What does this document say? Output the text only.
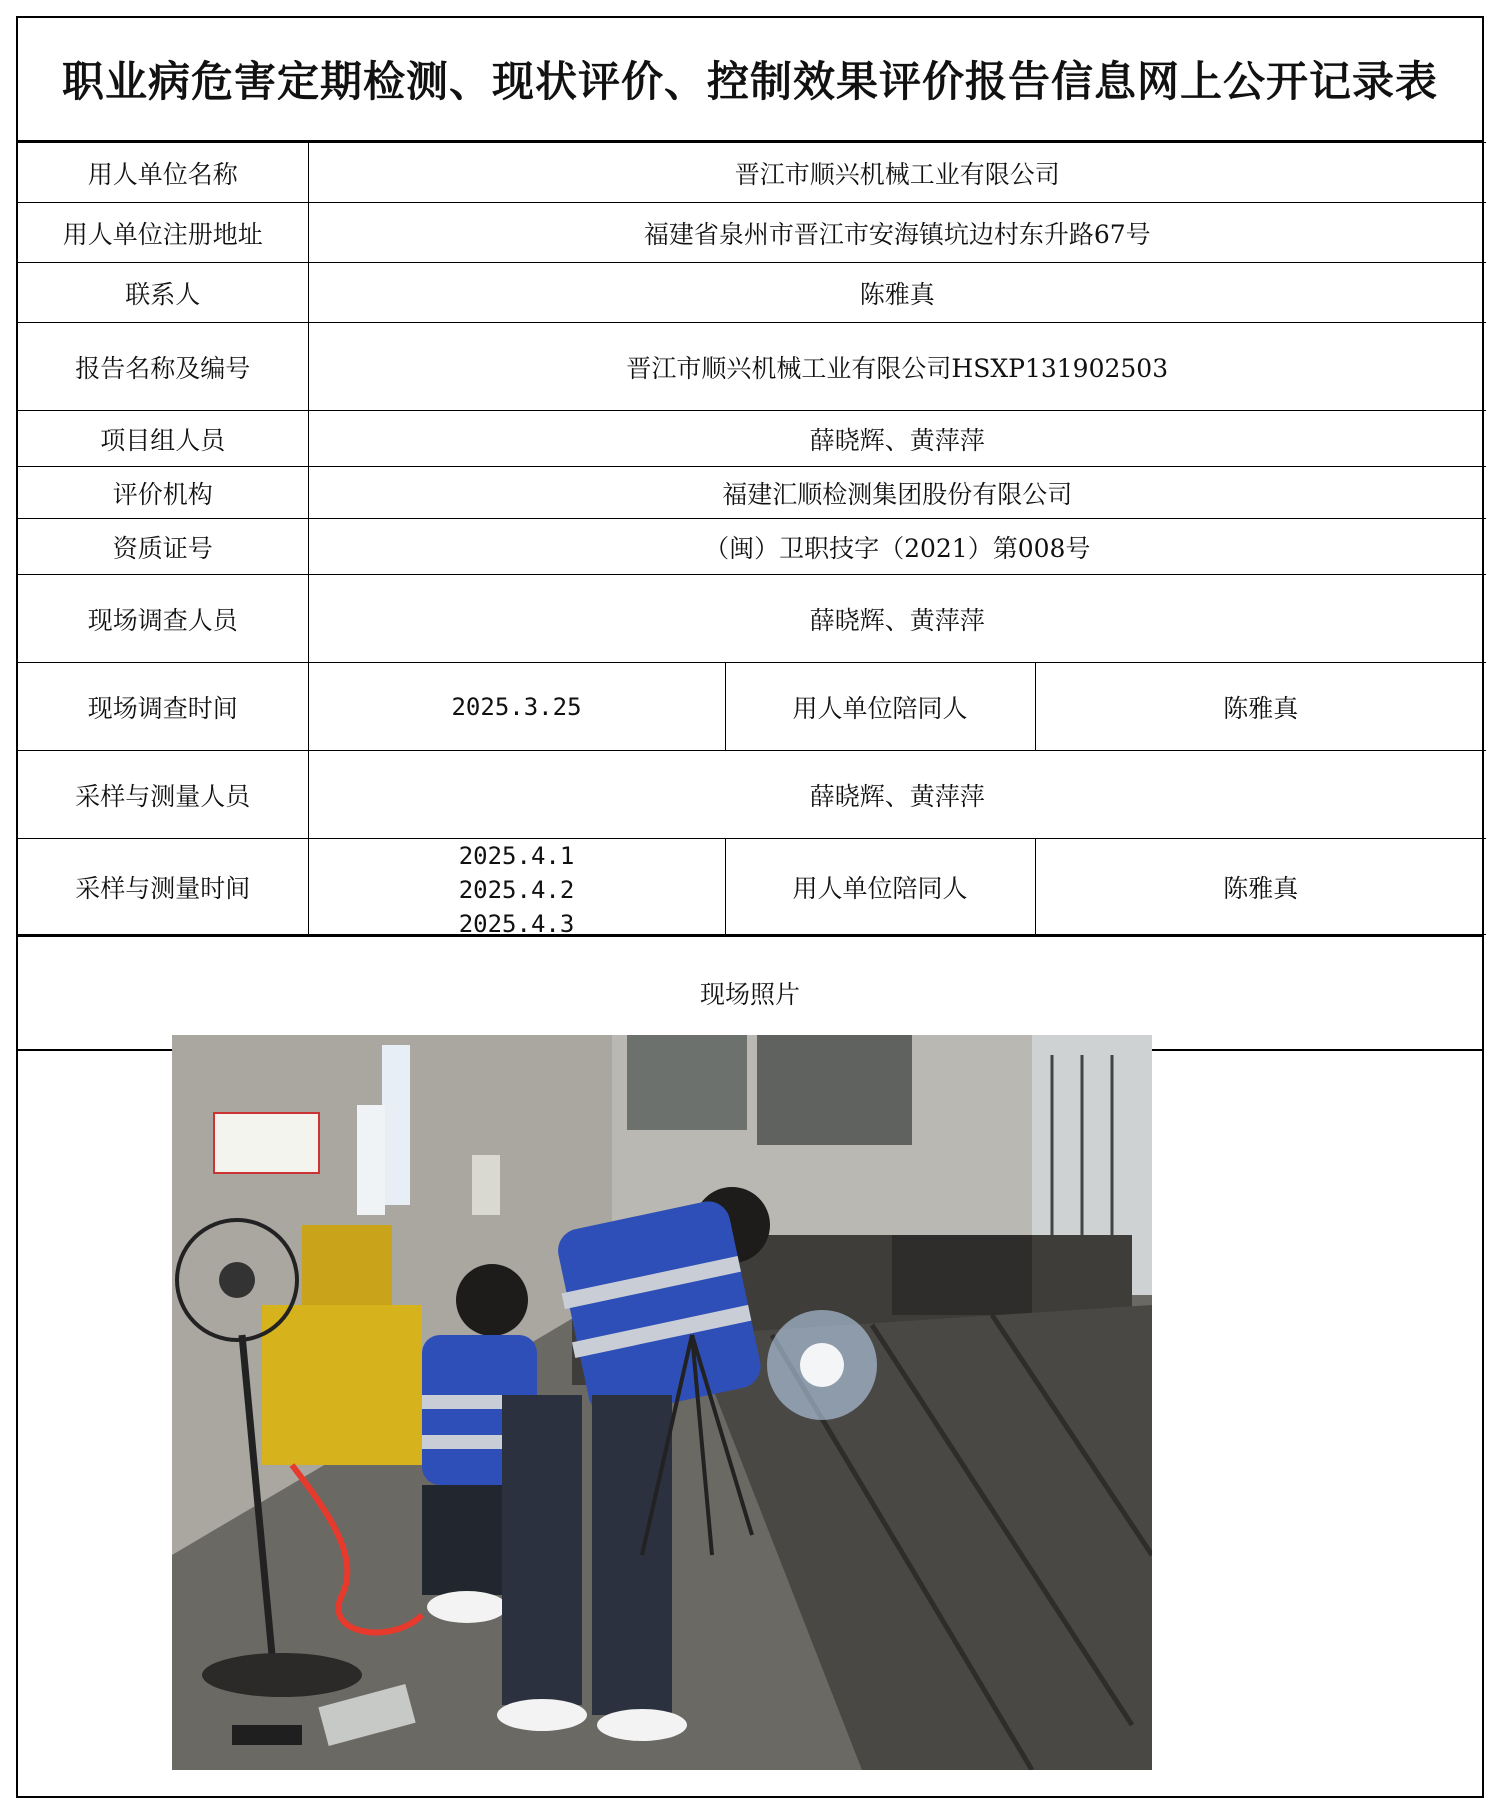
职业病危害定期检测、现状评价、控制效果评价报告信息网上公开记录表
用人单位名称	晋江市顺兴机械工业有限公司		
用人单位注册地址	福建省泉州市晋江市安海镇坑边村东升路67号		
联系人	陈雅真		
报告名称及编号	晋江市顺兴机械工业有限公司HSXP131902503		
项目组人员	薛晓辉、黄萍萍		
评价机构	福建汇顺检测集团股份有限公司		
资质证号	（闽）卫职技字（2021）第008号		
现场调查人员	薛晓辉、黄萍萍		
现场调查时间	2025.3.25	用人单位陪同人	陈雅真
采样与测量人员	薛晓辉、黄萍萍		
采样与测量时间	2025.4.1
2025.4.2
2025.4.3	用人单位陪同人	陈雅真
现场照片
